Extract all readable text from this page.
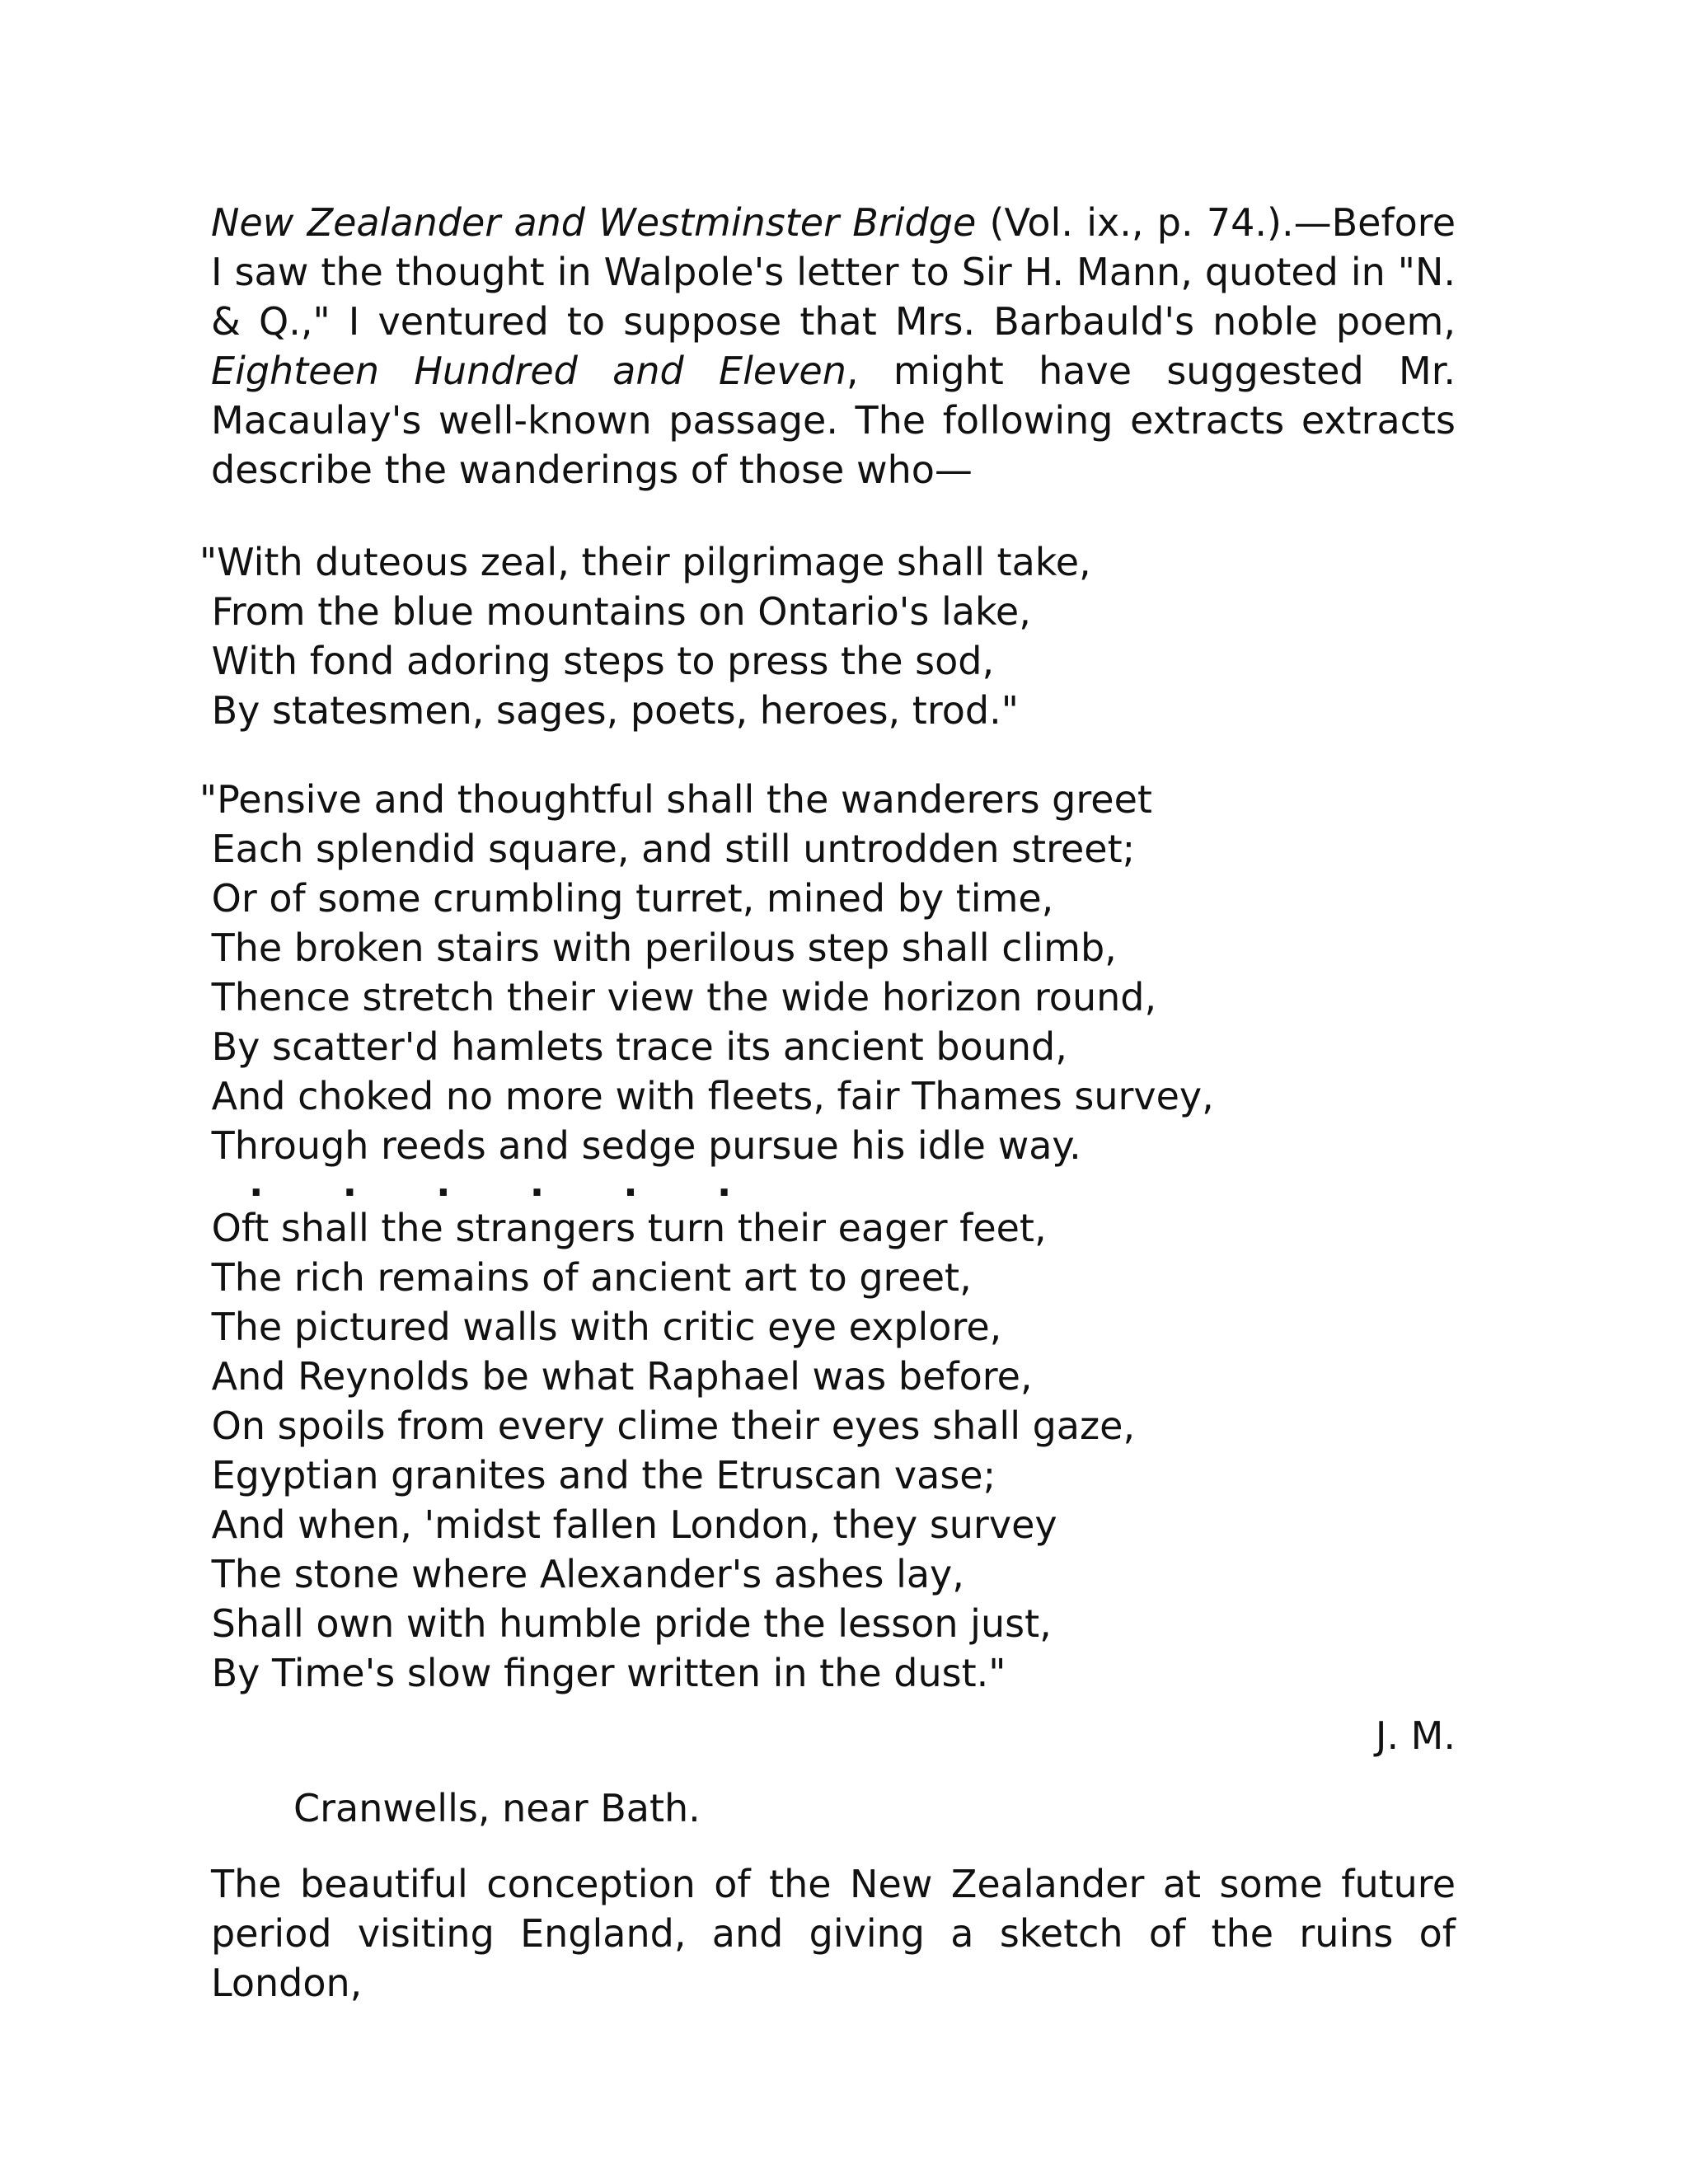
New Zealander and Westminster Bridge (Vol. ix., p. 74.).—Before I saw the thought in Walpole's letter to Sir H. Mann, quoted in "N. & Q.," I ventured to suppose that Mrs. Barbauld's noble poem, Eighteen Hundred and Eleven, might have suggested Mr. Macaulay's well-known passage. The following extracts extracts describe the wanderings of those who—

"With duteous zeal, their pilgrimage shall take,
From the blue mountains on Ontario's lake,
With fond adoring steps to press the sod,
By statesmen, sages, poets, heroes, trod."
"Pensive and thoughtful shall the wanderers greet
Each splendid square, and still untrodden street;
Or of some crumbling turret, mined by time,
The broken stairs with perilous step shall climb,
Thence stretch their view the wide horizon round,
By scatter'd hamlets trace its ancient bound,
And choked no more with fleets, fair Thames survey,
Through reeds and sedge pursue his idle way.
.      .      .      .      .      .
Oft shall the strangers turn their eager feet,
The rich remains of ancient art to greet,
The pictured walls with critic eye explore,
And Reynolds be what Raphael was before,
On spoils from every clime their eyes shall gaze,
Egyptian granites and the Etruscan vase;
And when, 'midst fallen London, they survey
The stone where Alexander's ashes lay,
Shall own with humble pride the lesson just,
By Time's slow finger written in the dust."
J. M.
Cranwells, near Bath.

The beautiful conception of the New Zealander at some future period visiting England, and giving a sketch of the ruins of London,
